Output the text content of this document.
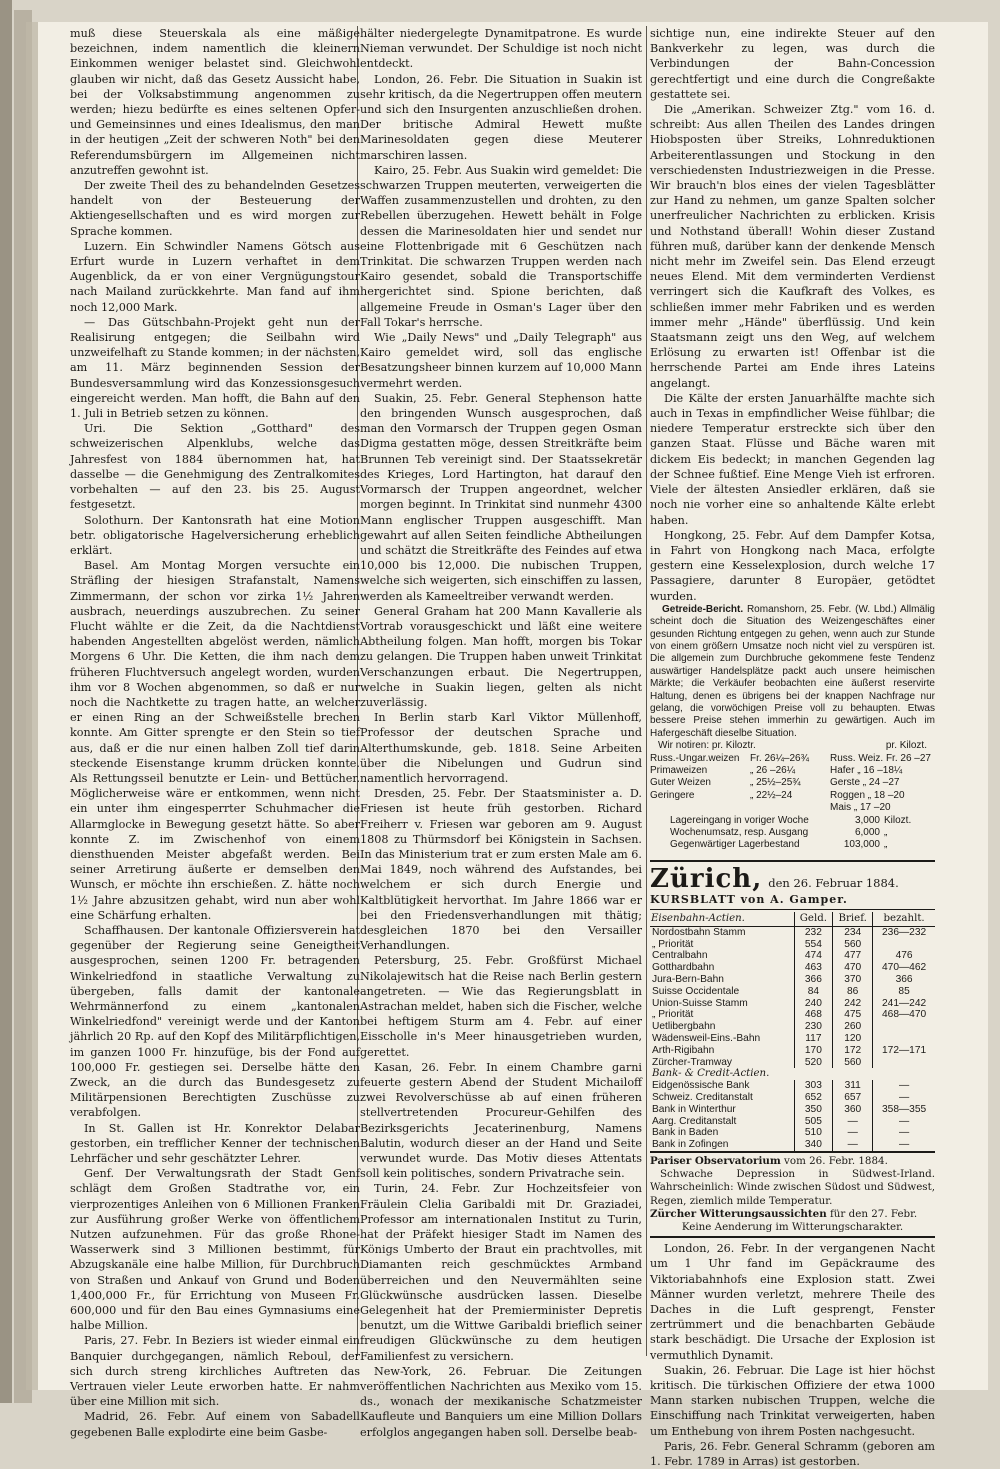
muß diese Steuerskala als eine mäßige bezeichnen, indem namentlich die kleinern Einkommen weniger belastet sind. Gleichwohl glauben wir nicht, daß das Gesetz Aussicht habe, bei der Volksabstimmung angenommen zu werden; hiezu bedürfte es eines seltenen Opfer- und Gemeinsinnes und eines Idealismus, den man in der heutigen „Zeit der schweren Noth" bei den Referendumsbürgern im Allgemeinen nicht anzutreffen gewohnt ist.

Der zweite Theil des zu behandelnden Gesetzes handelt von der Besteuerung der Aktiengesellschaften und es wird morgen zur Sprache kommen.

Luzern. Ein Schwindler Namens Götsch aus Erfurt wurde in Luzern verhaftet in dem Augenblick, da er von einer Vergnügungstour nach Mailand zurückkehrte. Man fand auf ihm noch 12,000 Mark.

— Das Gütschbahn-Projekt geht nun der Realisirung entgegen; die Seilbahn wird unzweifelhaft zu Stande kommen; in der nächsten, am 11. März beginnenden Session der Bundesversammlung wird das Konzessionsgesuch eingereicht werden. Man hofft, die Bahn auf den 1. Juli in Betrieb setzen zu können.

Uri. Die Sektion „Gotthard" des schweizerischen Alpenklubs, welche das Jahresfest von 1884 übernommen hat, hat dasselbe — die Genehmigung des Zentralkomites vorbehalten — auf den 23. bis 25. August festgesetzt.

Solothurn. Der Kantonsrath hat eine Motion betr. obligatorische Hagelversicherung erheblich erklärt.

Basel. Am Montag Morgen versuchte ein Sträfling der hiesigen Strafanstalt, Namens Zimmermann, der schon vor zirka 1½ Jahren ausbrach, neuerdings auszubrechen. Zu seiner Flucht wählte er die Zeit, da die Nachtdienst habenden Angestellten abgelöst werden, nämlich Morgens 6 Uhr. Die Ketten, die ihm nach dem früheren Fluchtversuch angelegt worden, wurden ihm vor 8 Wochen abgenommen, so daß er nur noch die Nachtkette zu tragen hatte, an welcher er einen Ring an der Schweißstelle brechen konnte. Am Gitter sprengte er den Stein so tief aus, daß er die nur einen halben Zoll tief darin steckende Eisenstange krumm drücken konnte. Als Rettungsseil benutzte er Lein- und Bettücher. Möglicherweise wäre er entkommen, wenn nicht ein unter ihm eingesperrter Schuhmacher die Allarmglocke in Bewegung gesetzt hätte. So aber konnte Z. im Zwischenhof von einem diensthuenden Meister abgefaßt werden. Bei seiner Arretirung äußerte er demselben den Wunsch, er möchte ihn erschießen. Z. hätte noch 1½ Jahre abzusitzen gehabt, wird nun aber wohl eine Schärfung erhalten.

Schaffhausen. Der kantonale Offiziersverein hat gegenüber der Regierung seine Geneigtheit ausgesprochen, seinen 1200 Fr. betragenden Winkelriedfond in staatliche Verwaltung zu übergeben, falls damit der kantonale Wehrmännerfond zu einem „kantonalen Winkelriedfond" vereinigt werde und der Kanton jährlich 20 Rp. auf den Kopf des Militärpflichtigen, im ganzen 1000 Fr. hinzufüge, bis der Fond auf 100,000 Fr. gestiegen sei. Derselbe hätte den Zweck, an die durch das Bundesgesetz zu Militärpensionen Berechtigten Zuschüsse zu verabfolgen.

In St. Gallen ist Hr. Konrektor Delabar gestorben, ein trefflicher Kenner der technischen Lehrfächer und sehr geschätzter Lehrer.

Genf. Der Verwaltungsrath der Stadt Genf schlägt dem Großen Stadtrathe vor, ein vierprozentiges Anleihen von 6 Millionen Franken zur Ausführung großer Werke von öffentlichem Nutzen aufzunehmen. Für das große Rhone-Wasserwerk sind 3 Millionen bestimmt, für Abzugskanäle eine halbe Million, für Durchbruch von Straßen und Ankauf von Grund und Boden 1,400,000 Fr., für Errichtung von Museen Fr. 600,000 und für den Bau eines Gymnasiums eine halbe Million.

Paris, 27. Febr. In Beziers ist wieder einmal ein Banquier durchgegangen, nämlich Reboul, der sich durch streng kirchliches Auftreten das Vertrauen vieler Leute erworben hatte. Er nahm über eine Million mit sich.

Madrid, 26. Febr. Auf einem von Sabadell gegebenen Balle explodirte eine beim Gasbe-

hälter niedergelegte Dynamitpatrone. Es wurde Nieman verwundet. Der Schuldige ist noch nicht entdeckt.

London, 26. Febr. Die Situation in Suakin ist sehr kritisch, da die Negertruppen offen meutern und sich den Insurgenten anzuschließen drohen. Der britische Admiral Hewett mußte Marinesoldaten gegen diese Meuterer marschiren lassen.

Kairo, 25. Febr. Aus Suakin wird gemeldet: Die schwarzen Truppen meuterten, verweigerten die Waffen zusammenzustellen und drohten, zu den Rebellen überzugehen. Hewett behält in Folge dessen die Marinesoldaten hier und sendet nur eine Flottenbrigade mit 6 Geschützen nach Trinkitat. Die schwarzen Truppen werden nach Kairo gesendet, sobald die Transportschiffe hergerichtet sind. Spione berichten, daß allgemeine Freude in Osman's Lager über den Fall Tokar's herrsche.

Wie „Daily News" und „Daily Telegraph" aus Kairo gemeldet wird, soll das englische Besatzungsheer binnen kurzem auf 10,000 Mann vermehrt werden.

Suakin, 25. Febr. General Stephenson hatte den bringenden Wunsch ausgesprochen, daß man den Vormarsch der Truppen gegen Osman Digma gestatten möge, dessen Streitkräfte beim Brunnen Teb vereinigt sind. Der Staatssekretär des Krieges, Lord Hartington, hat darauf den Vormarsch der Truppen angeordnet, welcher morgen beginnt. In Trinkitat sind nunmehr 4300 Mann englischer Truppen ausgeschifft. Man gewahrt auf allen Seiten feindliche Abtheilungen und schätzt die Streitkräfte des Feindes auf etwa 10,000 bis 12,000. Die nubischen Truppen, welche sich weigerten, sich einschiffen zu lassen, werden als Kameeltreiber verwandt werden.

General Graham hat 200 Mann Kavallerie als Vortrab vorausgeschickt und läßt eine weitere Abtheilung folgen. Man hofft, morgen bis Tokar zu gelangen. Die Truppen haben unweit Trinkitat Verschanzungen erbaut. Die Negertruppen, welche in Suakin liegen, gelten als nicht zuverlässig.

In Berlin starb Karl Viktor Müllenhoff, Professor der deutschen Sprache und Alterthumskunde, geb. 1818. Seine Arbeiten über die Nibelungen und Gudrun sind namentlich hervorragend.

Dresden, 25. Febr. Der Staatsminister a. D. Friesen ist heute früh gestorben. Richard Freiherr v. Friesen war geboren am 9. August 1808 zu Thürmsdorf bei Königstein in Sachsen. In das Ministerium trat er zum ersten Male am 6. Mai 1849, noch während des Aufstandes, bei welchem er sich durch Energie und Kaltblütigkeit hervorthat. Im Jahre 1866 war er bei den Friedensverhandlungen mit thätig; desgleichen 1870 bei den Versailler Verhandlungen.

Petersburg, 25. Febr. Großfürst Michael Nikolajewitsch hat die Reise nach Berlin gestern angetreten. — Wie das Regierungsblatt in Astrachan meldet, haben sich die Fischer, welche bei heftigem Sturm am 4. Febr. auf einer Eisscholle in's Meer hinausgetrieben wurden, gerettet.

Kasan, 26. Febr. In einem Chambre garni feuerte gestern Abend der Student Michailoff zwei Revolverschüsse ab auf einen früheren stellvertretenden Procureur-Gehilfen des Bezirksgerichts Jecaterinenburg, Namens Balutin, wodurch dieser an der Hand und Seite verwundet wurde. Das Motiv dieses Attentats soll kein politisches, sondern Privatrache sein.

Turin, 24. Febr. Zur Hochzeitsfeier von Fräulein Clelia Garibaldi mit Dr. Graziadei, Professor am internationalen Institut zu Turin, hat der Präfekt hiesiger Stadt im Namen des Königs Umberto der Braut ein prachtvolles, mit Diamanten reich geschmücktes Armband überreichen und den Neuvermählten seine Glückwünsche ausdrücken lassen. Dieselbe Gelegenheit hat der Premierminister Depretis benutzt, um die Wittwe Garibaldi brieflich seiner freudigen Glückwünsche zu dem heutigen Familienfest zu versichern.

New-York, 26. Februar. Die Zeitungen veröffentlichen Nachrichten aus Mexiko vom 15. ds., wonach der mexikanische Schatzmeister Kaufleute und Banquiers um eine Million Dollars erfolglos angegangen haben soll. Derselbe beab-

sichtige nun, eine indirekte Steuer auf den Bankverkehr zu legen, was durch die Verbindungen der Bahn-Concession gerechtfertigt und eine durch die Congreßakte gestattete sei.

Die „Amerikan. Schweizer Ztg." vom 16. d. schreibt: Aus allen Theilen des Landes dringen Hiobsposten über Streiks, Lohnreduktionen Arbeiterentlassungen und Stockung in den verschiedensten Industriezweigen in die Presse. Wir brauch'n blos eines der vielen Tagesblätter zur Hand zu nehmen, um ganze Spalten solcher unerfreulicher Nachrichten zu erblicken. Krisis und Nothstand überall! Wohin dieser Zustand führen muß, darüber kann der denkende Mensch nicht mehr im Zweifel sein. Das Elend erzeugt neues Elend. Mit dem verminderten Verdienst verringert sich die Kaufkraft des Volkes, es schließen immer mehr Fabriken und es werden immer mehr „Hände" überflüssig. Und kein Staatsmann zeigt uns den Weg, auf welchem Erlösung zu erwarten ist! Offenbar ist die herrschende Partei am Ende ihres Lateins angelangt.

Die Kälte der ersten Januarhälfte machte sich auch in Texas in empfindlicher Weise fühlbar; die niedere Temperatur erstreckte sich über den ganzen Staat. Flüsse und Bäche waren mit dickem Eis bedeckt; in manchen Gegenden lag der Schnee fußtief. Eine Menge Vieh ist erfroren. Viele der ältesten Ansiedler erklären, daß sie noch nie vorher eine so anhaltende Kälte erlebt haben.

Hongkong, 25. Febr. Auf dem Dampfer Kotsa, in Fahrt von Hongkong nach Maca, erfolgte gestern eine Kesselexplosion, durch welche 17 Passagiere, darunter 8 Europäer, getödtet wurden.

Getreide-Bericht. Romanshorn, 25. Febr. (W. Lbd.) Allmälig scheint doch die Situation des Weizengeschäftes einer gesunden Richtung entgegen zu gehen, wenn auch zur Stunde von einem größern Umsatze noch nicht viel zu verspüren ist. Die allgemein zum Durchbruche gekommene feste Tendenz auswärtiger Handelsplätze packt auch unsere heimischen Märkte; die Verkäufer beobachten eine äußerst reservirte Haltung, denen es übrigens bei der knappen Nachfrage nur gelang, die vorwöchigen Preise voll zu behaupten. Etwas bessere Preise stehen immerhin zu gewärtigen. Auch im Hafergeschäft dieselbe Situation.

Wir notiren: pr. Kiloztr.	pr. Kilozt.
Russ.-Ungar.weizen	Fr. 26¼–26¾	Russ. Weiz. Fr. 26 –27
Primaweizen	„ 26 –26¼	Hafer „ 16 –18¼
Guter Weizen	„ 25½–25¾	Gerste „ 24 –27
Geringere	„ 22½–24	Roggen „ 18 –20
Mais „ 17 –20
Lagereingang in voriger Woche	3,000 Kilozt.
Wochenumsatz, resp. Ausgang	6,000 „
Gegenwärtiger Lagerbestand	103,000 „
Zürich, den 26. Februar 1884.
KURSBLATT von A. Gamper.
Eisenbahn-Actien.	Geld.	Brief.	bezahlt.
Nordostbahn Stamm	232	234	236—232
„ Priorität	554	560	
Centralbahn	474	477	476
Gotthardbahn	463	470	470—462
Jura-Bern-Bahn	366	370	366
Suisse Occidentale	84	86	85
Union-Suisse Stamm	240	242	241—242
„ Priorität	468	475	468—470
Uetlibergbahn	230	260	
Wädensweil-Eins.-Bahn	117	120	
Arth-Rigibahn	170	172	172—171
Zürcher-Tramway	520	560	
Bank- & Credit-Actien.			
Eidgenössische Bank	303	311	—
Schweiz. Creditanstalt	652	657	—
Bank in Winterthur	350	360	358—355
Aarg. Creditanstalt	505	—	—
Bank in Baden	510	—	—
Bank in Zofingen	340	—	—
Pariser Observatorium vom 26. Febr. 1884.
Schwache Depression in Südwest-Irland. Wahrscheinlich: Winde zwischen Südost und Südwest, Regen, ziemlich milde Temperatur.
Zürcher Witterungsaussichten für den 27. Febr.
Keine Aenderung im Witterungscharakter.

London, 26. Febr. In der vergangenen Nacht um 1 Uhr fand im Gepäckraume des Viktoriabahnhofs eine Explosion statt. Zwei Männer wurden verletzt, mehrere Theile des Daches in die Luft gesprengt, Fenster zertrümmert und die benachbarten Gebäude stark beschädigt. Die Ursache der Explosion ist vermuthlich Dynamit.

Suakin, 26. Februar. Die Lage ist hier höchst kritisch. Die türkischen Offiziere der etwa 1000 Mann starken nubischen Truppen, welche die Einschiffung nach Trinkitat verweigerten, haben um Enthebung von ihrem Posten nachgesucht.

Paris, 26. Febr. General Schramm (geboren am 1. Febr. 1789 in Arras) ist gestorben.
